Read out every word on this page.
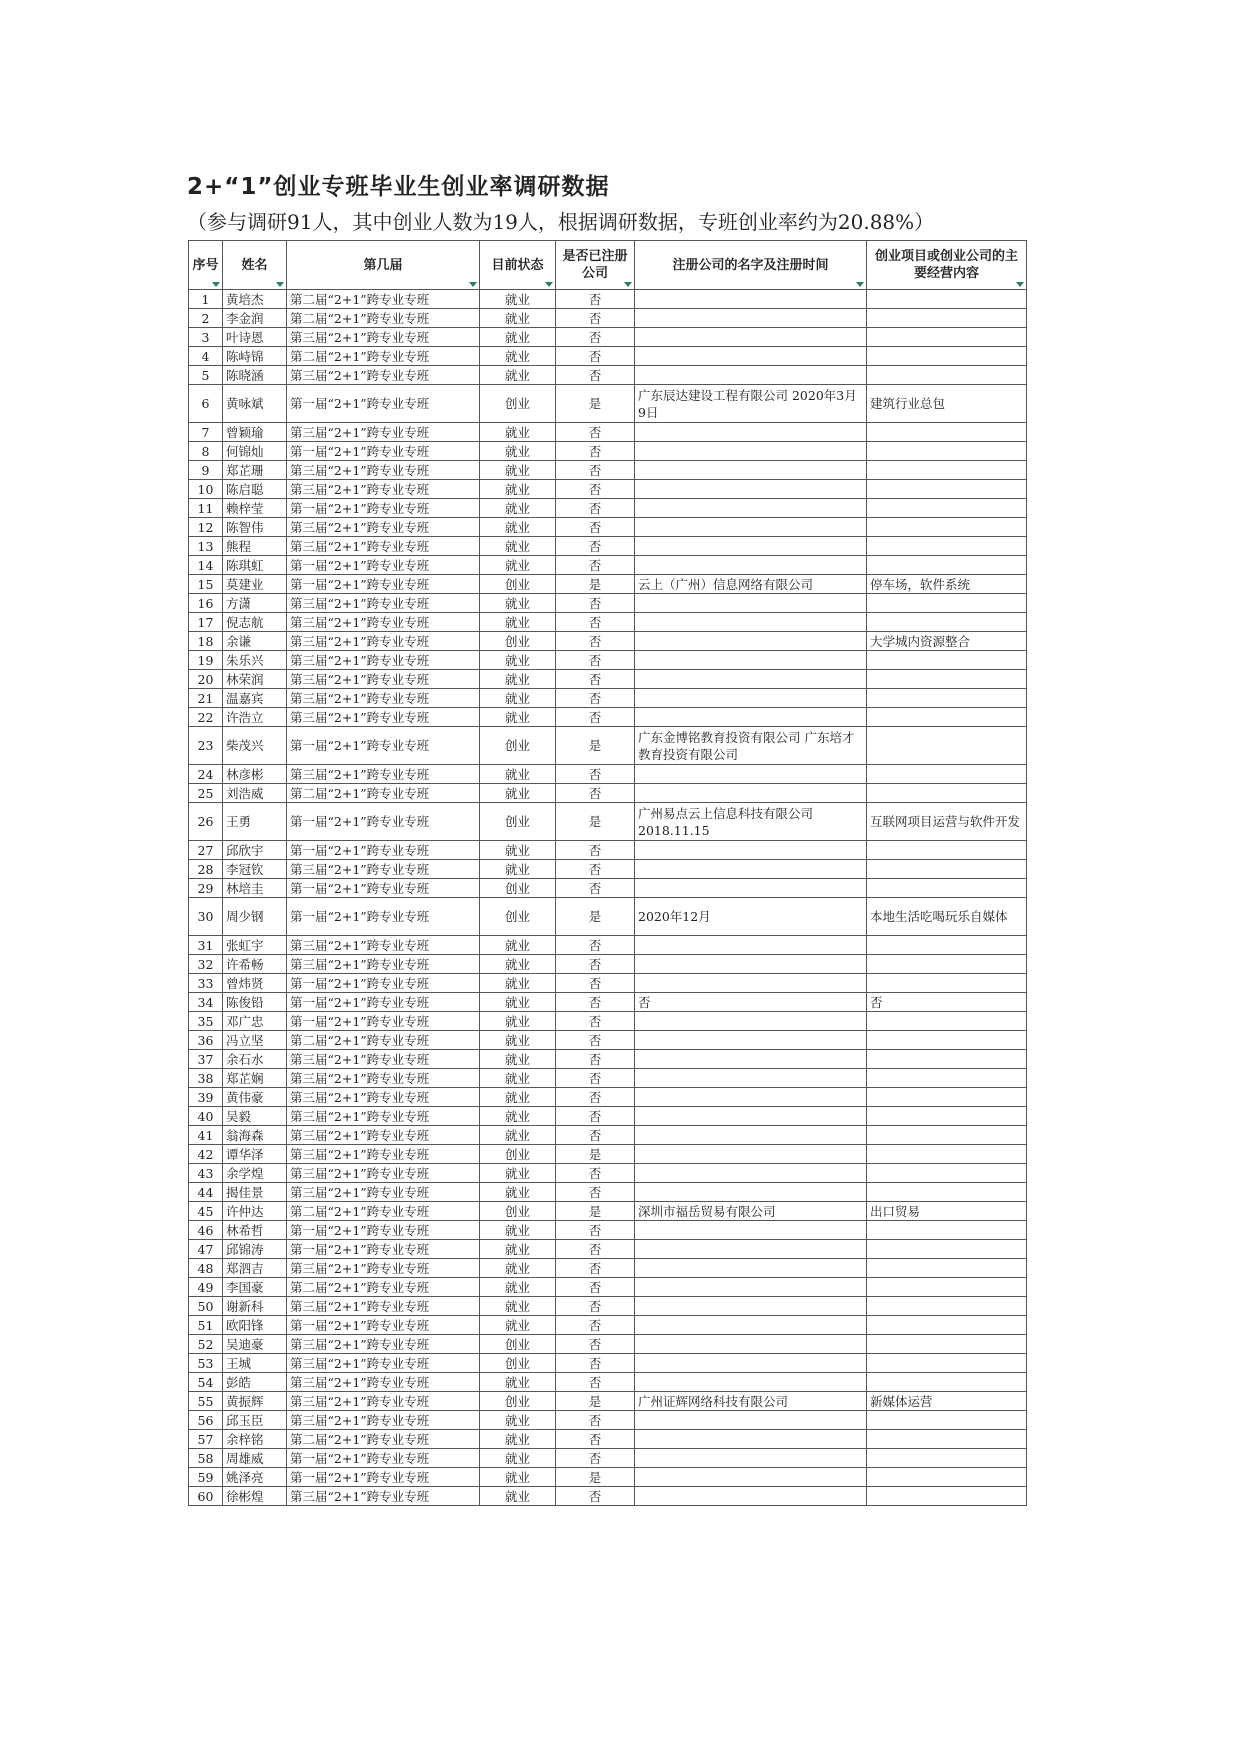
2+“1”创业专班毕业生创业率调研数据
（参与调研91人，其中创业人数为19人，根据调研数据，专班创业率约为20.88%）
序号	姓名	第几届	目前状态	是否已注册公司	注册公司的名字及注册时间	创业项目或创业公司的主要经营内容

1	黄培杰	第二届“2+1”跨专业专班	就业	否		
2	李金润	第二届“2+1”跨专业专班	就业	否		
3	叶诗恩	第三届“2+1”跨专业专班	就业	否		
4	陈峙锦	第二届“2+1”跨专业专班	就业	否		
5	陈晓涵	第三届“2+1”跨专业专班	就业	否		
6	黄咏斌	第一届“2+1”跨专业专班	创业	是	广东辰达建设工程有限公司 2020年3月9日	建筑行业总包
7	曾颖瑜	第三届“2+1”跨专业专班	就业	否		
8	何锦灿	第一届“2+1”跨专业专班	就业	否		
9	郑芷珊	第三届“2+1”跨专业专班	就业	否		
10	陈启聪	第三届“2+1”跨专业专班	就业	否		
11	赖梓莹	第一届“2+1”跨专业专班	就业	否		
12	陈智伟	第三届“2+1”跨专业专班	就业	否		
13	熊程	第三届“2+1”跨专业专班	就业	否		
14	陈琪虹	第一届“2+1”跨专业专班	就业	否		
15	莫建业	第一届“2+1”跨专业专班	创业	是	云上（广州）信息网络有限公司	停车场，软件系统
16	方潇	第三届“2+1”跨专业专班	就业	否		
17	倪志航	第三届“2+1”跨专业专班	就业	否		
18	余谦	第三届“2+1”跨专业专班	创业	否		大学城内资源整合
19	朱乐兴	第三届“2+1”跨专业专班	就业	否		
20	林荣润	第三届“2+1”跨专业专班	就业	否		
21	温嘉宾	第三届“2+1”跨专业专班	就业	否		
22	许浩立	第三届“2+1”跨专业专班	就业	否		
23	柴茂兴	第一届“2+1”跨专业专班	创业	是	广东金博铭教育投资有限公司 广东培才教育投资有限公司	
24	林彦彬	第三届“2+1”跨专业专班	就业	否		
25	刘浩威	第二届“2+1”跨专业专班	就业	否		
26	王勇	第一届“2+1”跨专业专班	创业	是	广州易点云上信息科技有限公司 2018.11.15	互联网项目运营与软件开发
27	邱欣宇	第一届“2+1”跨专业专班	就业	否		
28	李冠钦	第三届“2+1”跨专业专班	就业	否		
29	林培圭	第一届“2+1”跨专业专班	创业	否		
30	周少钢	第一届“2+1”跨专业专班	创业	是	2020年12月	本地生活吃喝玩乐自媒体
31	张虹宇	第三届“2+1”跨专业专班	就业	否		
32	许希畅	第三届“2+1”跨专业专班	就业	否		
33	曾炜贤	第一届“2+1”跨专业专班	就业	否		
34	陈俊铅	第一届“2+1”跨专业专班	就业	否	否	否
35	邓广忠	第一届“2+1”跨专业专班	就业	否		
36	冯立坚	第二届“2+1”跨专业专班	就业	否		
37	余石水	第三届“2+1”跨专业专班	就业	否		
38	郑芷娴	第三届“2+1”跨专业专班	就业	否		
39	黄伟豪	第三届“2+1”跨专业专班	就业	否		
40	吴毅	第三届“2+1”跨专业专班	就业	否		
41	翁海森	第三届“2+1”跨专业专班	就业	否		
42	谭华泽	第三届“2+1”跨专业专班	创业	是		
43	余学煌	第三届“2+1”跨专业专班	就业	否		
44	揭佳景	第三届“2+1”跨专业专班	就业	否		
45	许仲达	第二届“2+1”跨专业专班	创业	是	深圳市福岳贸易有限公司	出口贸易
46	林希哲	第一届“2+1”跨专业专班	就业	否		
47	邱锦涛	第一届“2+1”跨专业专班	就业	否		
48	郑泗吉	第三届“2+1”跨专业专班	就业	否		
49	李国豪	第二届“2+1”跨专业专班	就业	否		
50	谢新科	第三届“2+1”跨专业专班	就业	否		
51	欧阳锋	第一届“2+1”跨专业专班	就业	否		
52	吴迪豪	第三届“2+1”跨专业专班	创业	否		
53	王城	第三届“2+1”跨专业专班	创业	否		
54	彭皓	第三届“2+1”跨专业专班	就业	否		
55	黄振辉	第三届“2+1”跨专业专班	创业	是	广州证辉网络科技有限公司	新媒体运营
56	邱玉臣	第三届“2+1”跨专业专班	就业	否		
57	余梓铭	第二届“2+1”跨专业专班	就业	否		
58	周雄威	第一届“2+1”跨专业专班	就业	否		
59	姚泽亮	第一届“2+1”跨专业专班	就业	是		
60	徐彬煌	第三届“2+1”跨专业专班	就业	否		
